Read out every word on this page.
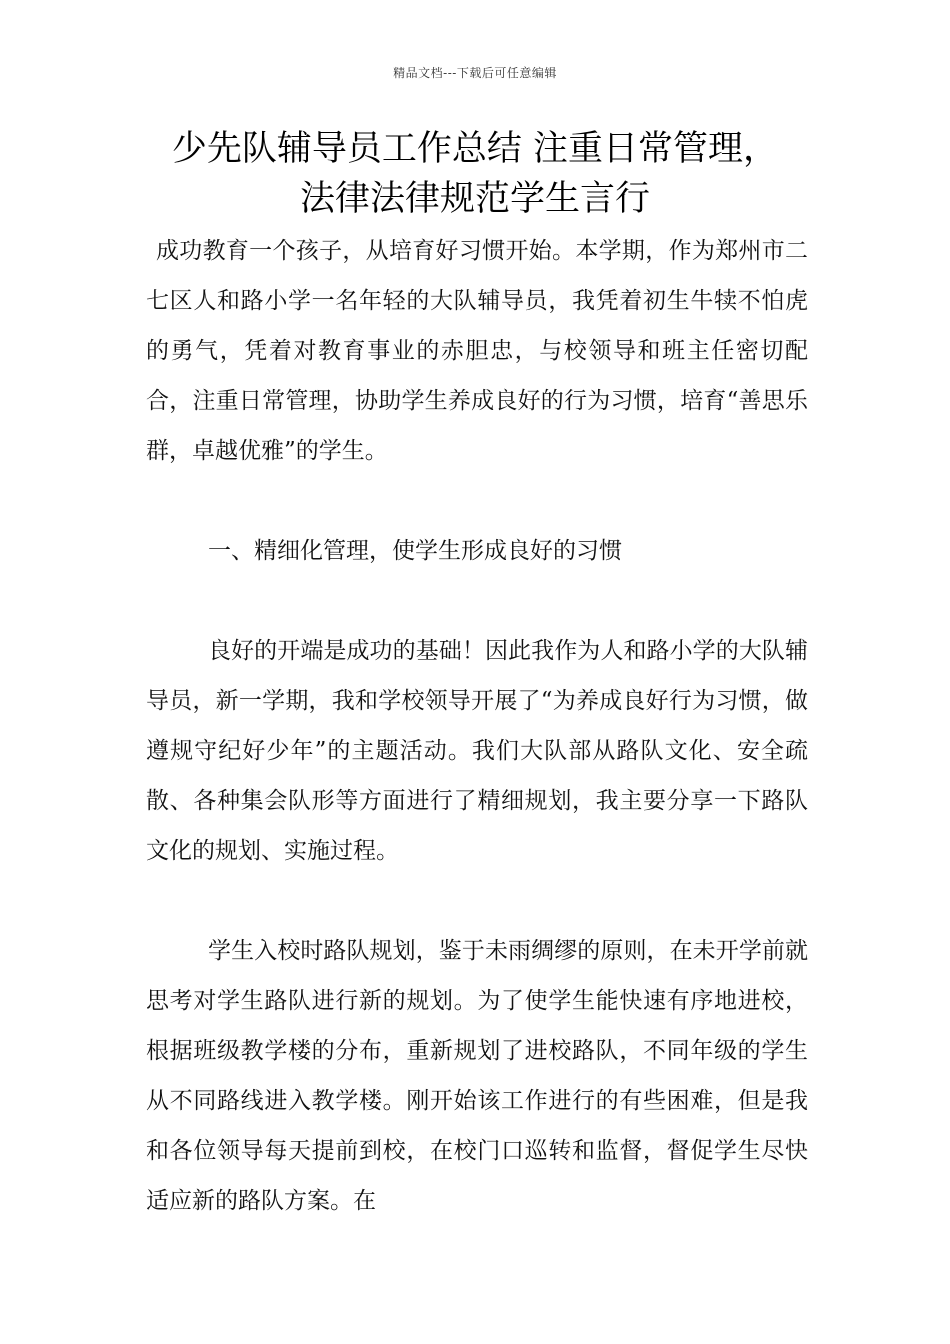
精品文档---下载后可任意编辑
少先队辅导员工作总结 注重日常管理，
法律法律规范学生言行

成功教育一个孩子，从培育好习惯开始。本学期，作为郑州市二七区人和路小学一名年轻的大队辅导员，我凭着初生牛犊不怕虎的勇气，凭着对教育事业的赤胆忠，与校领导和班主任密切配合，注重日常管理，协助学生养成良好的行为习惯，培育“善思乐群，卓越优雅”的学生。

一、精细化管理，使学生形成良好的习惯

良好的开端是成功的基础！因此我作为人和路小学的大队辅导员，新一学期，我和学校领导开展了“为养成良好行为习惯，做遵规守纪好少年”的主题活动。我们大队部从路队文化、安全疏散、各种集会队形等方面进行了精细规划，我主要分享一下路队文化的规划、实施过程。

学生入校时路队规划，鉴于未雨绸缪的原则，在未开学前就思考对学生路队进行新的规划。为了使学生能快速有序地进校，根据班级教学楼的分布，重新规划了进校路队，不同年级的学生从不同路线进入教学楼。刚开始该工作进行的有些困难，但是我和各位领导每天提前到校，在校门口巡转和监督，督促学生尽快适应新的路队方案。在
